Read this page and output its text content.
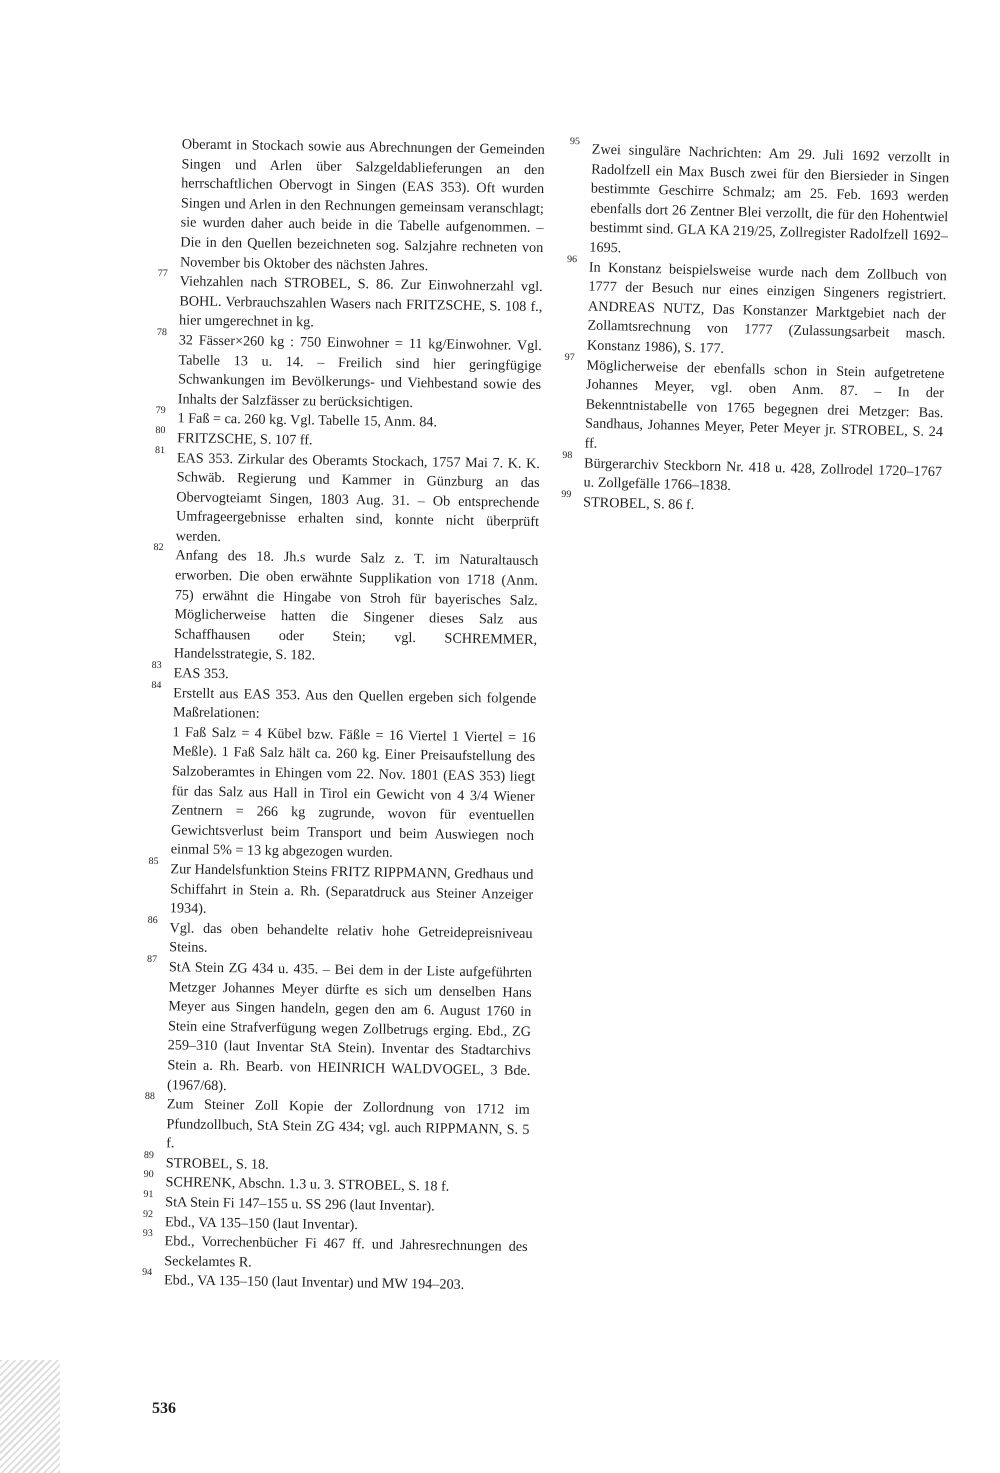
Oberamt in Stockach sowie aus Abrechnungen der Gemeinden Singen und Arlen über Salzgeldablieferungen an den herrschaftlichen Obervogt in Singen (EAS 353). Oft wurden Singen und Arlen in den Rechnungen gemeinsam veranschlagt; sie wurden daher auch beide in die Tabelle aufgenommen. – Die in den Quellen bezeichneten sog. Salzjahre rechneten von November bis Oktober des nächsten Jahres.
77 Viehzahlen nach STROBEL, S. 86. Zur Einwohnerzahl vgl. BOHL. Verbrauchszahlen Wasers nach FRITZSCHE, S. 108 f., hier umgerechnet in kg.
78 32 Fässer×260 kg : 750 Einwohner = 11 kg/Einwohner. Vgl. Tabelle 13 u. 14. – Freilich sind hier geringfügige Schwankungen im Bevölkerungs- und Viehbestand sowie des Inhalts der Salzfässer zu berücksichtigen.
79 1 Faß = ca. 260 kg. Vgl. Tabelle 15, Anm. 84.
80 FRITZSCHE, S. 107 ff.
81 EAS 353. Zirkular des Oberamts Stockach, 1757 Mai 7. K. K. Schwäb. Regierung und Kammer in Günzburg an das Obervogteiamt Singen, 1803 Aug. 31. – Ob entsprechende Umfrageergebnisse erhalten sind, konnte nicht überprüft werden.
82 Anfang des 18. Jh.s wurde Salz z. T. im Naturaltausch erworben. Die oben erwähnte Supplikation von 1718 (Anm. 75) erwähnt die Hingabe von Stroh für bayerisches Salz. Möglicherweise hatten die Singener dieses Salz aus Schaffhausen oder Stein; vgl. SCHREMMER, Handelsstrategie, S. 182.
83 EAS 353.
84 Erstellt aus EAS 353. Aus den Quellen ergeben sich folgende Maßrelationen:
1 Faß Salz = 4 Kübel bzw. Fäßle = 16 Viertel 1 Viertel = 16 Meßle). 1 Faß Salz hält ca. 260 kg. Einer Preisaufstellung des Salzoberamtes in Ehingen vom 22. Nov. 1801 (EAS 353) liegt für das Salz aus Hall in Tirol ein Gewicht von 4 3/4 Wiener Zentnern = 266 kg zugrunde, wovon für eventuellen Gewichtsverlust beim Transport und beim Auswiegen noch einmal 5% = 13 kg abgezogen wurden.
85 Zur Handelsfunktion Steins FRITZ RIPPMANN, Gredhaus und Schiffahrt in Stein a. Rh. (Separatdruck aus Steiner Anzeiger 1934).
86 Vgl. das oben behandelte relativ hohe Getreidepreisniveau Steins.
87 StA Stein ZG 434 u. 435. – Bei dem in der Liste aufgeführten Metzger Johannes Meyer dürfte es sich um denselben Hans Meyer aus Singen handeln, gegen den am 6. August 1760 in Stein eine Strafverfügung wegen Zollbetrugs erging. Ebd., ZG 259–310 (laut Inventar StA Stein). Inventar des Stadtarchivs Stein a. Rh. Bearb. von HEINRICH WALDVOGEL, 3 Bde. (1967/68).
88 Zum Steiner Zoll Kopie der Zollordnung von 1712 im Pfundzollbuch, StA Stein ZG 434; vgl. auch RIPPMANN, S. 5 f.
89 STROBEL, S. 18.
90 SCHRENK, Abschn. 1.3 u. 3. STROBEL, S. 18 f.
91 StA Stein Fi 147–155 u. SS 296 (laut Inventar).
92 Ebd., VA 135–150 (laut Inventar).
93 Ebd., Vorrechenbücher Fi 467 ff. und Jahresrechnungen des Seckelamtes R.
94 Ebd., VA 135–150 (laut Inventar) und MW 194–203.
95 Zwei singuläre Nachrichten: Am 29. Juli 1692 verzollt in Radolfzell ein Max Busch zwei für den Biersieder in Singen bestimmte Geschirre Schmalz; am 25. Feb. 1693 werden ebenfalls dort 26 Zentner Blei verzollt, die für den Hohentwiel bestimmt sind. GLA KA 219/25, Zollregister Radolfzell 1692–1695.
96 In Konstanz beispielsweise wurde nach dem Zollbuch von 1777 der Besuch nur eines einzigen Singeners registriert. ANDREAS NUTZ, Das Konstanzer Marktgebiet nach der Zollamtsrechnung von 1777 (Zulassungsarbeit masch. Konstanz 1986), S. 177.
97 Möglicherweise der ebenfalls schon in Stein aufgetretene Johannes Meyer, vgl. oben Anm. 87. – In der Bekenntnistabelle von 1765 begegnen drei Metzger: Bas. Sandhaus, Johannes Meyer, Peter Meyer jr. STROBEL, S. 24 ff.
98 Bürgerarchiv Steckborn Nr. 418 u. 428, Zollrodel 1720–1767 u. Zollgefälle 1766–1838.
99 STROBEL, S. 86 f.
536
